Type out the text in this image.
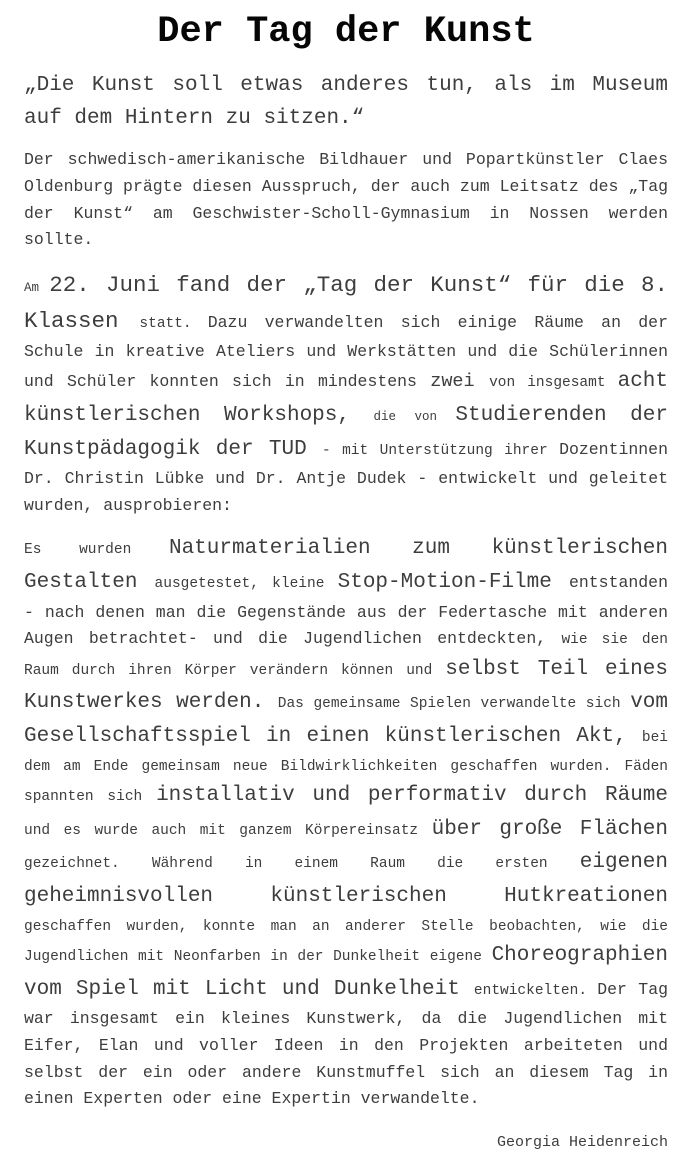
Der Tag der Kunst

„Die Kunst soll etwas anderes tun, als im Museum auf dem Hintern zu sitzen.“

Der schwedisch-amerikanische Bildhauer und Popartkünstler Claes Oldenburg prägte diesen Ausspruch, der auch zum Leitsatz des „Tag der Kunst“ am Geschwister-Scholl-Gymnasium in Nossen werden sollte.

Am 22. Juni fand der „Tag der Kunst“ für die 8. Klassen statt. Dazu verwandelten sich einige Räume an der Schule in kreative Ateliers und Werkstätten und die Schülerinnen und Schüler konnten sich in mindestens zwei von insgesamt acht künstlerischen Workshops, die von Studierenden der Kunstpädagogik der TUD - mit Unterstützung ihrer Dozentinnen Dr. Christin Lübke und Dr. Antje Dudek - entwickelt und geleitet wurden, ausprobieren:

Es wurden Naturmaterialien zum künstlerischen Gestalten ausgetestet, kleine Stop-Motion-Filme entstanden - nach denen man die Gegenstände aus der Federtasche mit anderen Augen betrachtet- und die Jugendlichen entdeckten, wie sie den Raum durch ihren Körper verändern können und selbst Teil eines Kunstwerkes werden. Das gemeinsame Spielen verwandelte sich vom Gesellschaftsspiel in einen künstlerischen Akt, bei dem am Ende gemeinsam neue Bildwirklichkeiten geschaffen wurden. Fäden spannten sich installativ und performativ durch Räume und es wurde auch mit ganzem Körpereinsatz über große Flächen gezeichnet. Während in einem Raum die ersten eigenen geheimnisvollen künstlerischen Hutkreationen geschaffen wurden, konnte man an anderer Stelle beobachten, wie die Jugendlichen mit Neonfarben in der Dunkelheit eigene Choreographien vom Spiel mit Licht und Dunkelheit entwickelten. Der Tag war insgesamt ein kleines Kunstwerk, da die Jugendlichen mit Eifer, Elan und voller Ideen in den Projekten arbeiteten und selbst der ein oder andere Kunstmuffel sich an diesem Tag in einen Experten oder eine Expertin verwandelte.

Georgia Heidenreich
